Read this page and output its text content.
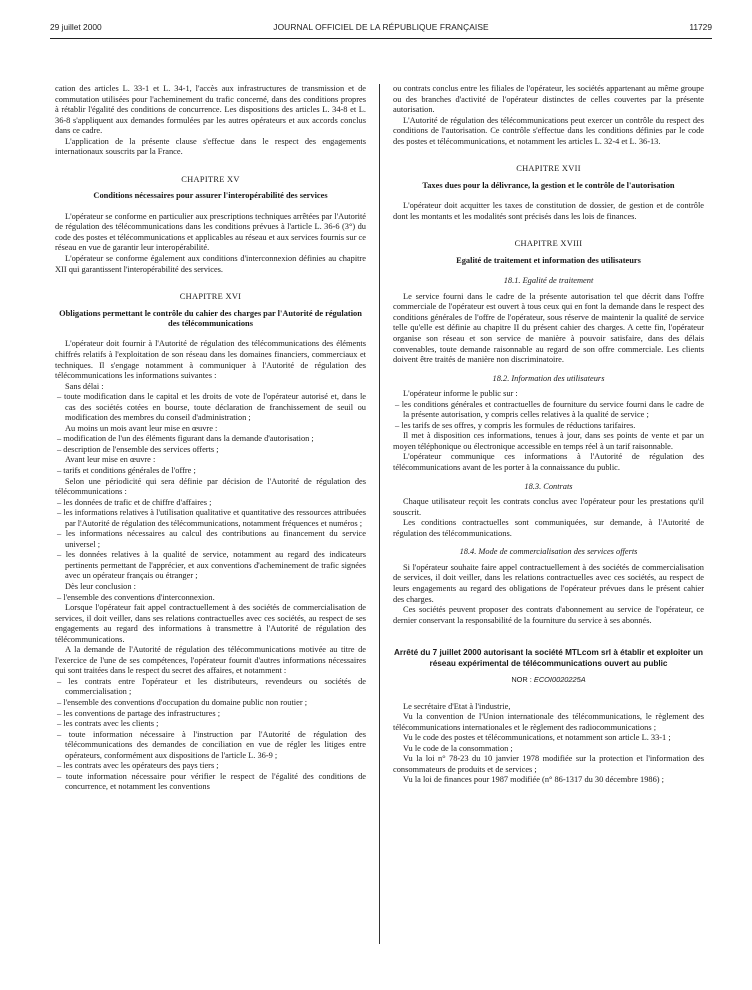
29 juillet 2000	JOURNAL OFFICIEL DE LA RÉPUBLIQUE FRANÇAISE	11729

cation des articles L. 33-1 et L. 34-1, l'accès aux infrastructures de transmission et de commutation utilisées pour l'acheminement du trafic concerné, dans des conditions propres à rétablir l'égalité des conditions de concurrence. Les dispositions des articles L. 34-8 et L. 36-8 s'appliquent aux demandes formulées par les autres opérateurs et aux accords conclus dans ce cadre.

L'application de la présente clause s'effectue dans le respect des engagements internationaux souscrits par la France.

CHAPITRE XV
Conditions nécessaires pour assurer l'interopérabilité des services

L'opérateur se conforme en particulier aux prescriptions techniques arrêtées par l'Autorité de régulation des télécommunications dans les conditions prévues à l'article L. 36-6 (3°) du code des postes et télécommunications et applicables au réseau et aux services fournis sur ce réseau en vue de garantir leur interopérabilité.

L'opérateur se conforme également aux conditions d'interconnexion définies au chapitre XII qui garantissent l'interopérabilité des services.

CHAPITRE XVI
Obligations permettant le contrôle du cahier des charges par l'Autorité de régulation des télécommunications

L'opérateur doit fournir à l'Autorité de régulation des télécommunications des éléments chiffrés relatifs à l'exploitation de son réseau dans les domaines financiers, commerciaux et techniques. Il s'engage notamment à communiquer à l'Autorité de régulation des télécommunications les informations suivantes :

Sans délai :

– toute modification dans le capital et les droits de vote de l'opérateur autorisé et, dans le cas des sociétés cotées en bourse, toute déclaration de franchissement de seuil ou modification des membres du conseil d'administration ;

Au moins un mois avant leur mise en œuvre :

– modification de l'un des éléments figurant dans la demande d'autorisation ;

– description de l'ensemble des services offerts ;

Avant leur mise en œuvre :

– tarifs et conditions générales de l'offre ;

Selon une périodicité qui sera définie par décision de l'Autorité de régulation des télécommunications :

– les données de trafic et de chiffre d'affaires ;

– les informations relatives à l'utilisation qualitative et quantitative des ressources attribuées par l'Autorité de régulation des télécommunications, notamment fréquences et numéros ;

– les informations nécessaires au calcul des contributions au financement du service universel ;

– les données relatives à la qualité de service, notamment au regard des indicateurs pertinents permettant de l'apprécier, et aux conventions d'acheminement de trafic signées avec un opérateur français ou étranger ;

Dès leur conclusion :

– l'ensemble des conventions d'interconnexion.

Lorsque l'opérateur fait appel contractuellement à des sociétés de commercialisation de services, il doit veiller, dans ses relations contractuelles avec ces sociétés, au respect de ses engagements au regard des informations à transmettre à l'Autorité de régulation des télécommunications.

A la demande de l'Autorité de régulation des télécommunications motivée au titre de l'exercice de l'une de ses compétences, l'opérateur fournit d'autres informations nécessaires qui sont traitées dans le respect du secret des affaires, et notamment :

– les contrats entre l'opérateur et les distributeurs, revendeurs ou sociétés de commercialisation ;

– l'ensemble des conventions d'occupation du domaine public non routier ;

– les conventions de partage des infrastructures ;

– les contrats avec les clients ;

– toute information nécessaire à l'instruction par l'Autorité de régulation des télécommunications des demandes de conciliation en vue de régler les litiges entre opérateurs, conformément aux dispositions de l'article L. 36-9 ;

– les contrats avec les opérateurs des pays tiers ;

– toute information nécessaire pour vérifier le respect de l'égalité des conditions de concurrence, et notamment les conventions

ou contrats conclus entre les filiales de l'opérateur, les sociétés appartenant au même groupe ou des branches d'activité de l'opérateur distinctes de celles couvertes par la présente autorisation.

L'Autorité de régulation des télécommunications peut exercer un contrôle du respect des conditions de l'autorisation. Ce contrôle s'effectue dans les conditions définies par le code des postes et télécommunications, et notamment les articles L. 32-4 et L. 36-13.

CHAPITRE XVII
Taxes dues pour la délivrance, la gestion et le contrôle de l'autorisation

L'opérateur doit acquitter les taxes de constitution de dossier, de gestion et de contrôle dont les montants et les modalités sont précisés dans les lois de finances.

CHAPITRE XVIII
Egalité de traitement et information des utilisateurs
18.1. Egalité de traitement

Le service fourni dans le cadre de la présente autorisation tel que décrit dans l'offre commerciale de l'opérateur est ouvert à tous ceux qui en font la demande dans le respect des conditions générales de l'offre de l'opérateur, sous réserve de maintenir la qualité de service telle qu'elle est définie au chapitre II du présent cahier des charges. A cette fin, l'opérateur organise son réseau et son service de manière à pouvoir satisfaire, dans des délais convenables, toute demande raisonnable au regard de son offre commerciale. Les clients doivent être traités de manière non discriminatoire.

18.2. Information des utilisateurs

L'opérateur informe le public sur :

– les conditions générales et contractuelles de fourniture du service fourni dans le cadre de la présente autorisation, y compris celles relatives à la qualité de service ;

– les tarifs de ses offres, y compris les formules de réductions tarifaires.

Il met à disposition ces informations, tenues à jour, dans ses points de vente et par un moyen téléphonique ou électronique accessible en temps réel à un tarif raisonnable.

L'opérateur communique ces informations à l'Autorité de régulation des télécommunications avant de les porter à la connaissance du public.

18.3. Contrats

Chaque utilisateur reçoit les contrats conclus avec l'opérateur pour les prestations qu'il souscrit.

Les conditions contractuelles sont communiquées, sur demande, à l'Autorité de régulation des télécommunications.

18.4. Mode de commercialisation des services offerts

Si l'opérateur souhaite faire appel contractuellement à des sociétés de commercialisation de services, il doit veiller, dans les relations contractuelles avec ces sociétés, au respect de leurs engagements au regard des obligations de l'opérateur prévues dans le présent cahier des charges.

Ces sociétés peuvent proposer des contrats d'abonnement au service de l'opérateur, ce dernier conservant la responsabilité de la fourniture du service à ses abonnés.

Arrêté du 7 juillet 2000 autorisant la société MTLcom srl à établir et exploiter un réseau expérimental de télécommunications ouvert au public
NOR : ECOI0020225A

Le secrétaire d'Etat à l'industrie,

Vu la convention de l'Union internationale des télécommunications, le règlement des télécommunications internationales et le règlement des radiocommunications ;

Vu le code des postes et télécommunications, et notamment son article L. 33-1 ;

Vu le code de la consommation ;

Vu la loi n° 78-23 du 10 janvier 1978 modifiée sur la protection et l'information des consommateurs de produits et de services ;

Vu la loi de finances pour 1987 modifiée (n° 86-1317 du 30 décembre 1986) ;
